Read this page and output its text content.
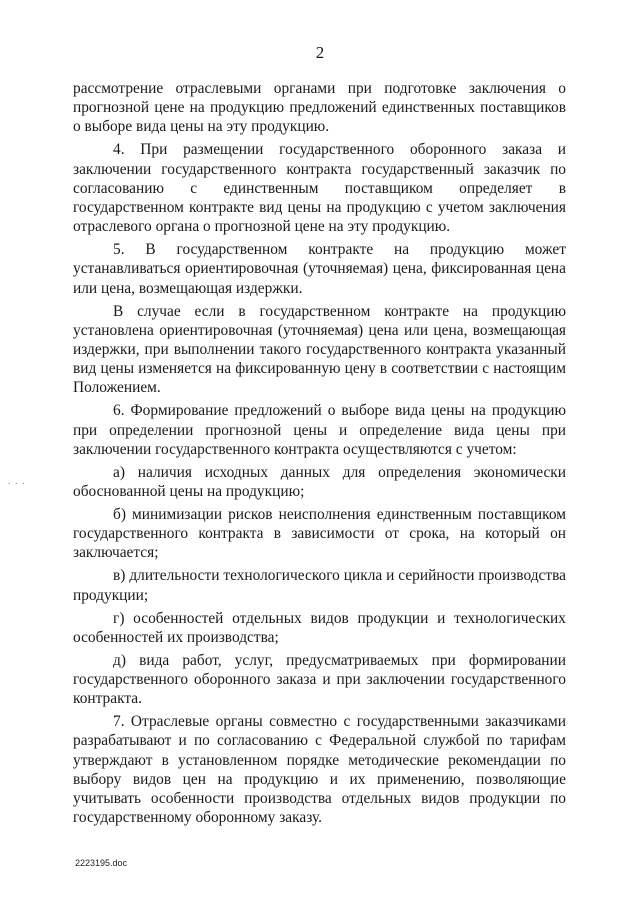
2
. . .

рассмотрение отраслевыми органами при подготовке заключения о прогнозной цене на продукцию предложений единственных поставщиков о выборе вида цены на эту продукцию.

4. При размещении государственного оборонного заказа и заключении государственного контракта государственный заказчик по согласованию с единственным поставщиком определяет в государственном контракте вид цены на продукцию с учетом заключения отраслевого органа о прогнозной цене на эту продукцию.

5. В государственном контракте на продукцию может устанавливаться ориентировочная (уточняемая) цена, фиксированная цена или цена, возмещающая издержки.

В случае если в государственном контракте на продукцию установлена ориентировочная (уточняемая) цена или цена, возмещающая издержки, при выполнении такого государственного контракта указанный вид цены изменяется на фиксированную цену в соответствии с настоящим Положением.

6. Формирование предложений о выборе вида цены на продукцию при определении прогнозной цены и определение вида цены при заключении государственного контракта осуществляются с учетом:

а) наличия исходных данных для определения экономически обоснованной цены на продукцию;

б) минимизации рисков неисполнения единственным поставщиком государственного контракта в зависимости от срока, на который он заключается;

в) длительности технологического цикла и серийности производства продукции;

г) особенностей отдельных видов продукции и технологических особенностей их производства;

д) вида работ, услуг, предусматриваемых при формировании государственного оборонного заказа и при заключении государственного контракта.

7. Отраслевые органы совместно с государственными заказчиками разрабатывают и по согласованию с Федеральной службой по тарифам утверждают в установленном порядке методические рекомендации по выбору видов цен на продукцию и их применению, позволяющие учитывать особенности производства отдельных видов продукции по государственному оборонному заказу.

2223195.doc
